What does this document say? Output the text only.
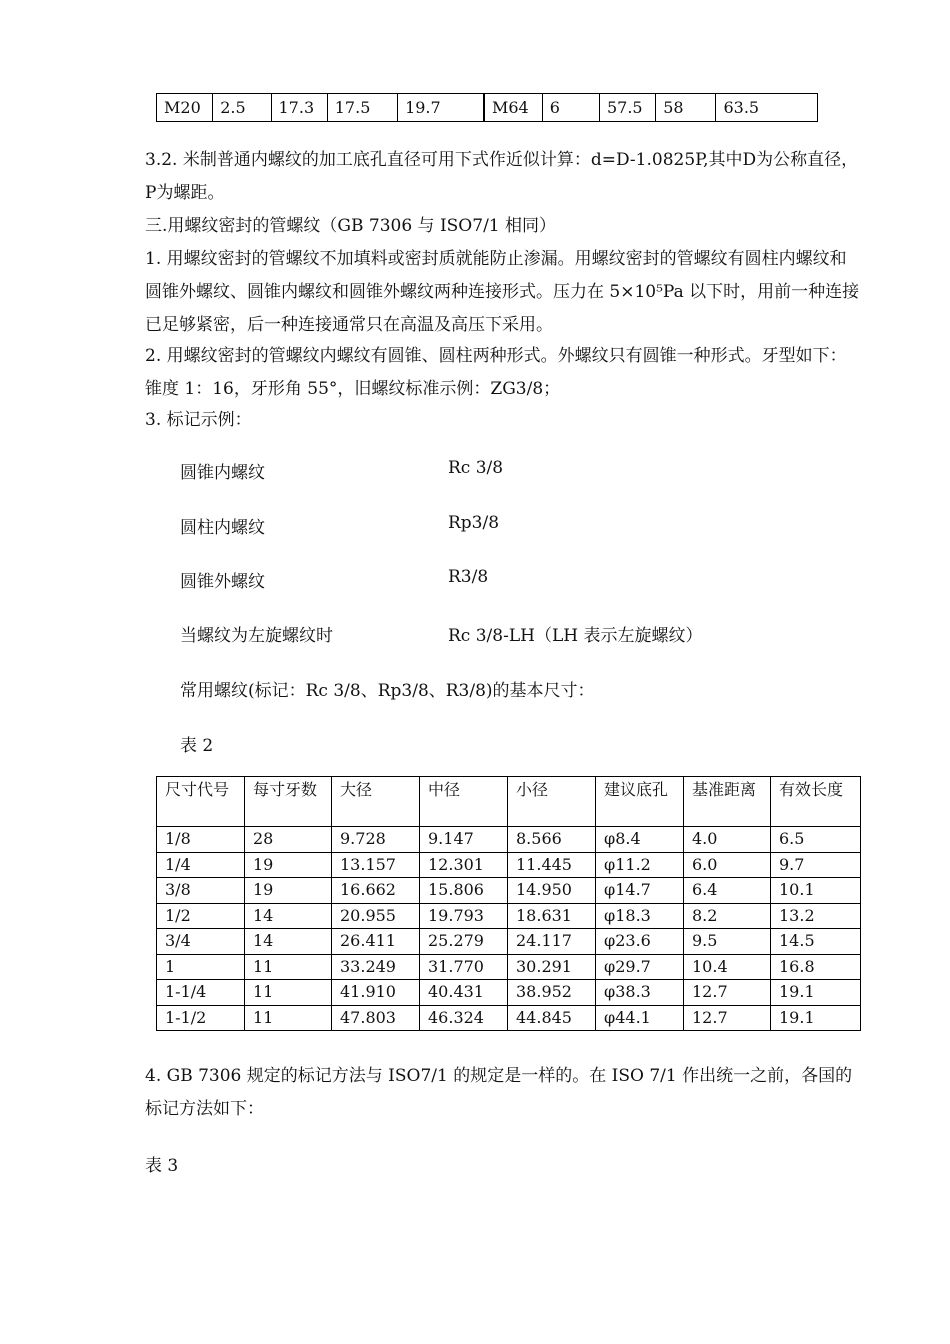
M20	2.5	17.3	17.5	19.7	M64	6	57.5	58	63.5

3.2. 米制普通内螺纹的加工底孔直径可用下式作近似计算：d=D-1.0825P,其中D为公称直径，P为螺距。

三.用螺纹密封的管螺纹（GB 7306 与 ISO7/1 相同）

1. 用螺纹密封的管螺纹不加填料或密封质就能防止渗漏。用螺纹密封的管螺纹有圆柱内螺纹和圆锥外螺纹、圆锥内螺纹和圆锥外螺纹两种连接形式。压力在 5×10⁵Pa 以下时，用前一种连接已足够紧密，后一种连接通常只在高温及高压下采用。

2. 用螺纹密封的管螺纹内螺纹有圆锥、圆柱两种形式。外螺纹只有圆锥一种形式。牙型如下：锥度 1：16，牙形角 55°，旧螺纹标准示例：ZG3/8；

3. 标记示例：

圆锥内螺纹	Rc 3/8
圆柱内螺纹	Rp3/8
圆锥外螺纹	R3/8
当螺纹为左旋螺纹时	Rc 3/8-LH（LH 表示左旋螺纹）
常用螺纹(标记：Rc 3/8、Rp3/8、R3/8)的基本尺寸：
表 2
尺寸代号	每寸牙数	大径	中径	小径	建议底孔	基准距离	有效长度
1/8	28	9.728	9.147	8.566	φ8.4	4.0	6.5
1/4	19	13.157	12.301	11.445	φ11.2	6.0	9.7
3/8	19	16.662	15.806	14.950	φ14.7	6.4	10.1
1/2	14	20.955	19.793	18.631	φ18.3	8.2	13.2
3/4	14	26.411	25.279	24.117	φ23.6	9.5	14.5
1	11	33.249	31.770	30.291	φ29.7	10.4	16.8
1-1/4	11	41.910	40.431	38.952	φ38.3	12.7	19.1
1-1/2	11	47.803	46.324	44.845	φ44.1	12.7	19.1

4. GB 7306 规定的标记方法与 ISO7/1 的规定是一样的。在 ISO 7/1 作出统一之前，各国的标记方法如下：

表 3
